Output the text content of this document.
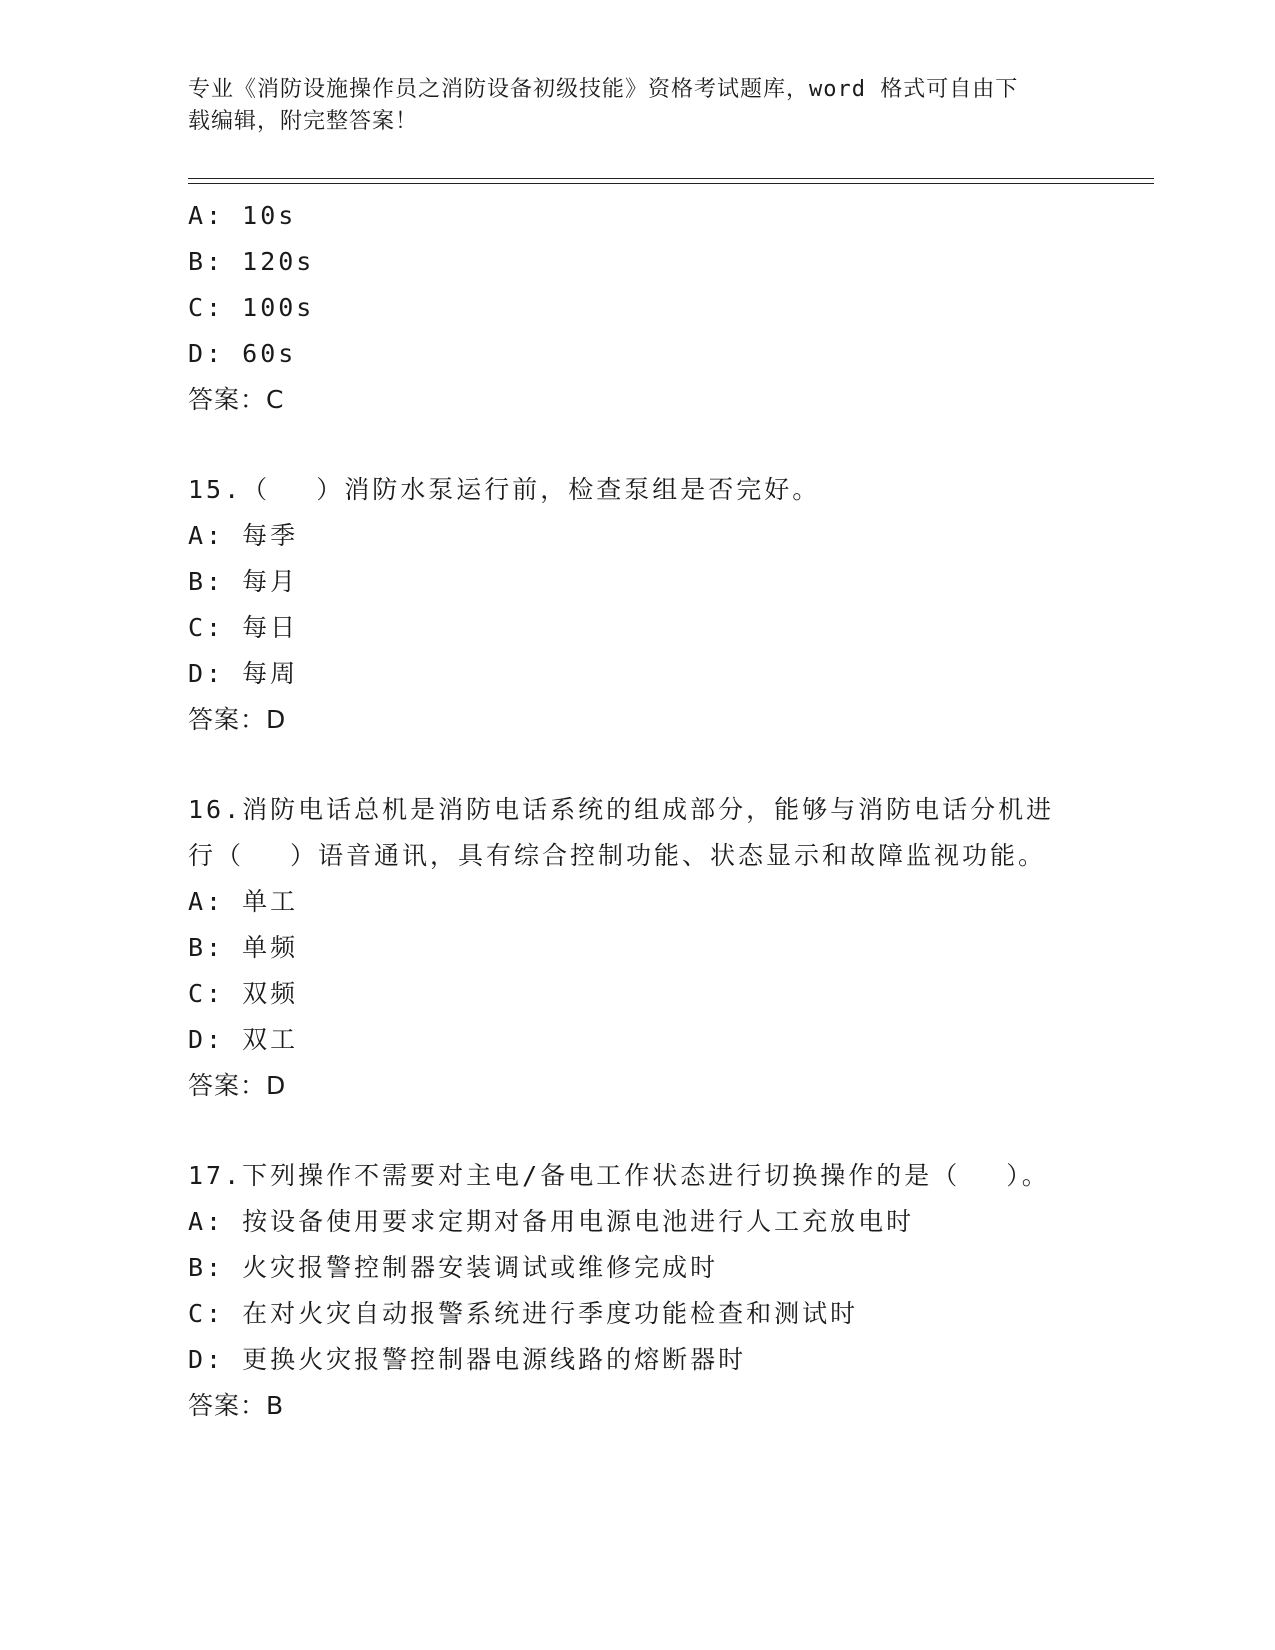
专业《消防设施操作员之消防设备初级技能》资格考试题库，word 格式可自由下
载编辑，附完整答案！
A: 10s
B: 120s
C: 100s
D: 60s
答案：C
15.（　 ）消防水泵运行前，检查泵组是否完好。
A: 每季
B: 每月
C: 每日
D: 每周
答案：D
16.消防电话总机是消防电话系统的组成部分，能够与消防电话分机进
行（　 ）语音通讯，具有综合控制功能、状态显示和故障监视功能。
A: 单工
B: 单频
C: 双频
D: 双工
答案：D
17.下列操作不需要对主电/备电工作状态进行切换操作的是（　 ）。
A: 按设备使用要求定期对备用电源电池进行人工充放电时
B: 火灾报警控制器安装调试或维修完成时
C: 在对火灾自动报警系统进行季度功能检查和测试时
D: 更换火灾报警控制器电源线路的熔断器时
答案：B
